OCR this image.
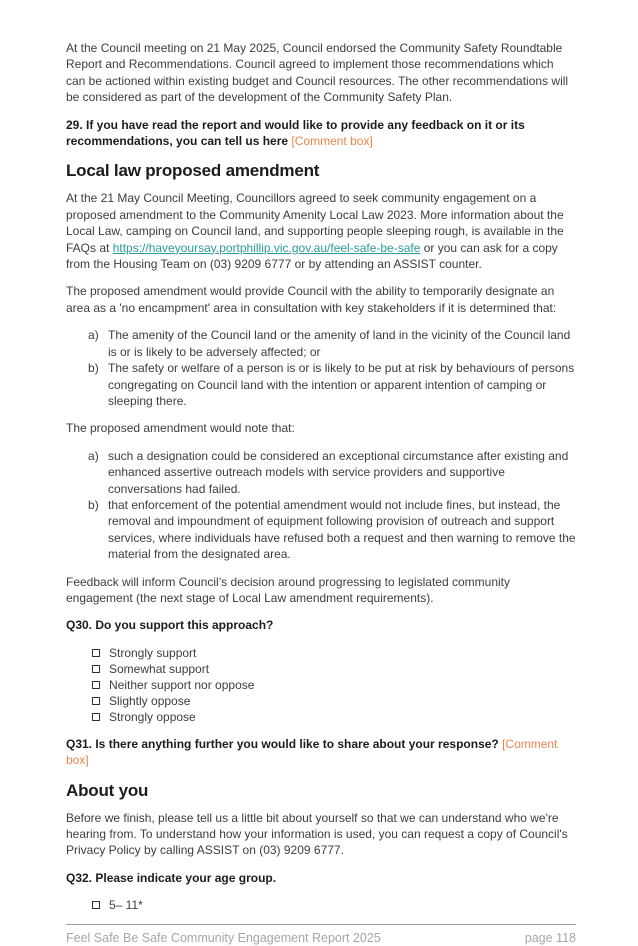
At the Council meeting on 21 May 2025, Council endorsed the Community Safety Roundtable Report and Recommendations. Council agreed to implement those recommendations which can be actioned within existing budget and Council resources. The other recommendations will be considered as part of the development of the Community Safety Plan.

29. If you have read the report and would like to provide any feedback on it or its recommendations, you can tell us here [Comment box]

Local law proposed amendment

At the 21 May Council Meeting, Councillors agreed to seek community engagement on a proposed amendment to the Community Amenity Local Law 2023. More information about the Local Law, camping on Council land, and supporting people sleeping rough, is available in the FAQs at https://haveyoursay.portphillip.vic.gov.au/feel-safe-be-safe or you can ask for a copy from the Housing Team on (03) 9209 6777 or by attending an ASSIST counter.

The proposed amendment would provide Council with the ability to temporarily designate an area as a 'no encampment' area in consultation with key stakeholders if it is determined that:

The amenity of the Council land or the amenity of land in the vicinity of the Council land is or is likely to be adversely affected; or
The safety or welfare of a person is or is likely to be put at risk by behaviours of persons congregating on Council land with the intention or apparent intention of camping or sleeping there.

The proposed amendment would note that:

such a designation could be considered an exceptional circumstance after existing and enhanced assertive outreach models with service providers and supportive conversations had failed.
that enforcement of the potential amendment would not include fines, but instead, the removal and impoundment of equipment following provision of outreach and support services, where individuals have refused both a request and then warning to remove the material from the designated area.

Feedback will inform Council’s decision around progressing to legislated community engagement (the next stage of Local Law amendment requirements).

Q30. Do you support this approach?

Strongly support
Somewhat support
Neither support nor oppose
Slightly oppose
Strongly oppose

Q31. Is there anything further you would like to share about your response? [Comment box]

About you

Before we finish, please tell us a little bit about yourself so that we can understand who we're hearing from. To understand how your information is used, you can request a copy of Council's Privacy Policy by calling ASSIST on (03) 9209 6777.

Q32. Please indicate your age group.

5– 11*
Feel Safe Be Safe Community Engagement Report 2025	page 118
